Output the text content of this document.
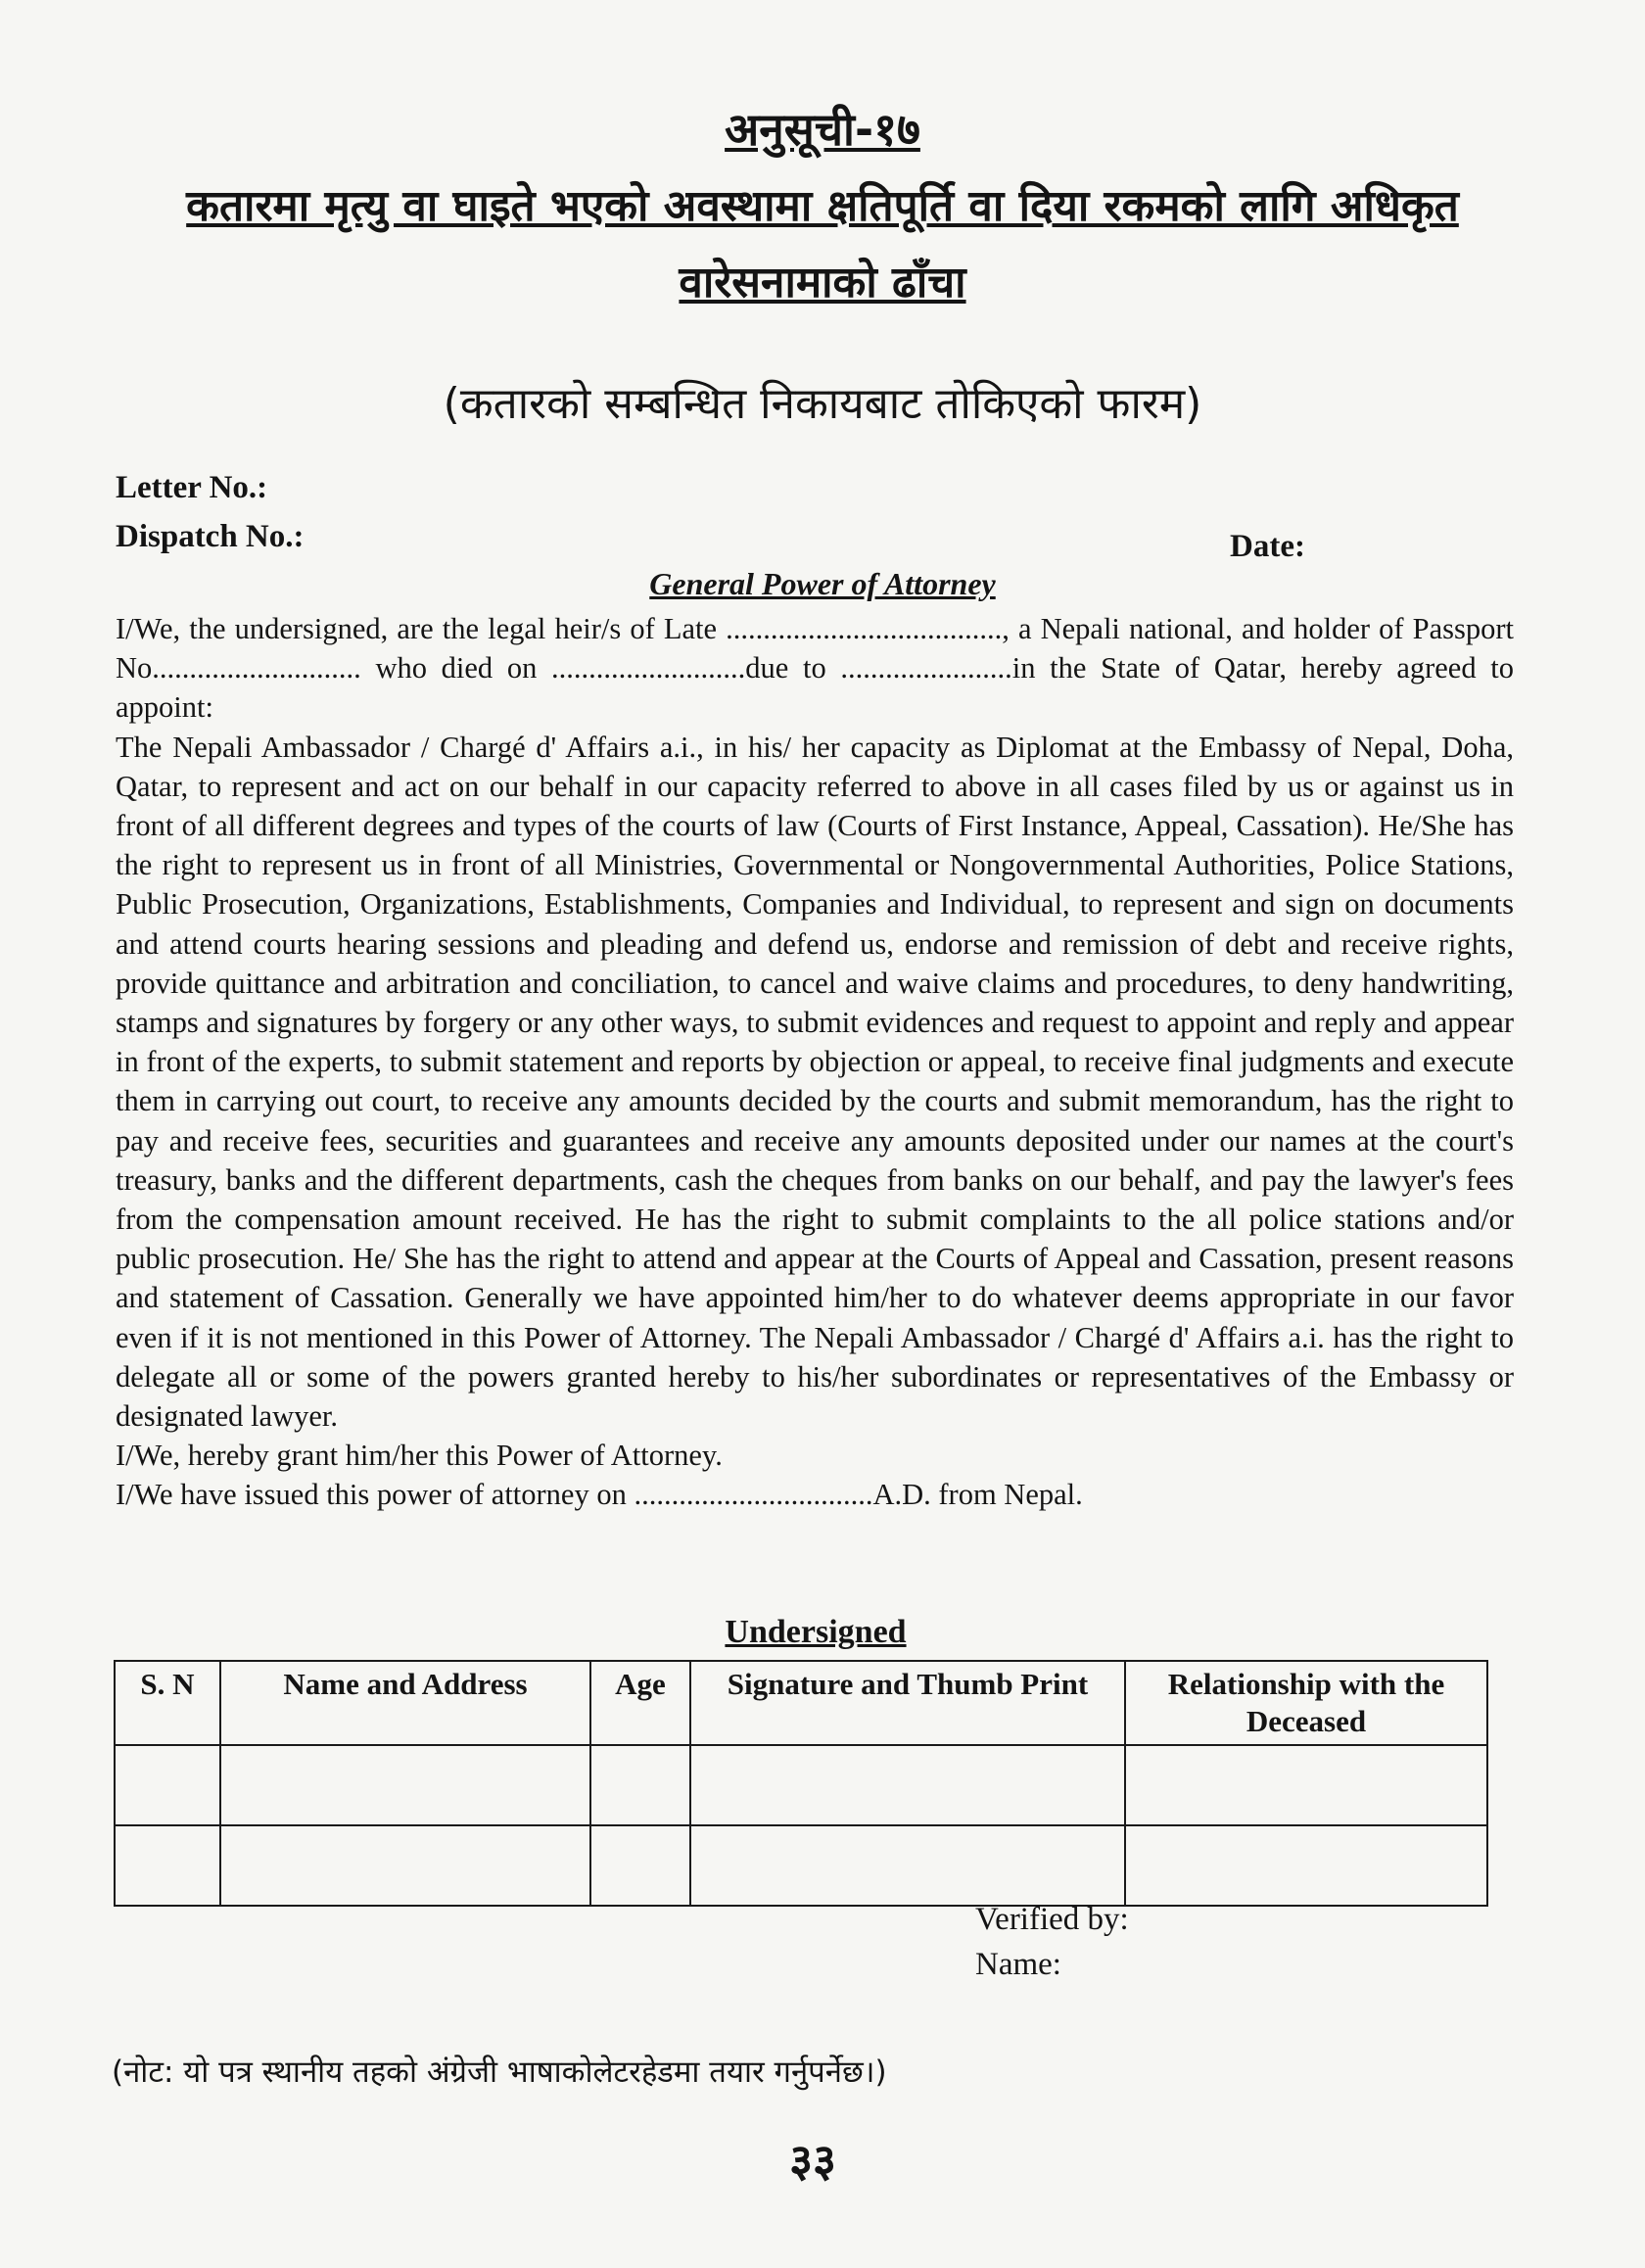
अनुसूची-१७
कतारमा मृत्यु वा घाइते भएको अवस्थामा क्षतिपूर्ति वा दिया रकमको लागि अधिकृत
वारेसनामाको ढाँचा
(कतारको सम्बन्धित निकायबाट तोकिएको फारम)
Letter No.:
Dispatch No.:	Date:
General Power of Attorney

I/We, the undersigned, are the legal heir/s of Late ....................................., a Nepali national, and holder of Passport No............................ who died on ..........................due to .......................in the State of Qatar, hereby agreed to appoint:

The Nepali Ambassador / Chargé d' Affairs a.i., in his/ her capacity as Diplomat at the Embassy of Nepal, Doha, Qatar, to represent and act on our behalf in our capacity referred to above in all cases filed by us or against us in front of all different degrees and types of the courts of law (Courts of First Instance, Appeal, Cassation). He/She has the right to represent us in front of all Ministries, Governmental or Nongovernmental Authorities, Police Stations, Public Prosecution, Organizations, Establishments, Companies and Individual, to represent and sign on documents and attend courts hearing sessions and pleading and defend us, endorse and remission of debt and receive rights, provide quittance and arbitration and conciliation, to cancel and waive claims and procedures, to deny handwriting, stamps and signatures by forgery or any other ways, to submit evidences and request to appoint and reply and appear in front of the experts, to submit statement and reports by objection or appeal, to receive final judgments and execute them in carrying out court, to receive any amounts decided by the courts and submit memorandum, has the right to pay and receive fees, securities and guarantees and receive any amounts deposited under our names at the court's treasury, banks and the different departments, cash the cheques from banks on our behalf, and pay the lawyer's fees from the compensation amount received. He has the right to submit complaints to the all police stations and/or public prosecution. He/ She has the right to attend and appear at the Courts of Appeal and Cassation, present reasons and statement of Cassation. Generally we have appointed him/her to do whatever deems appropriate in our favor even if it is not mentioned in this Power of Attorney. The Nepali Ambassador / Chargé d' Affairs a.i. has the right to delegate all or some of the powers granted hereby to his/her subordinates or representatives of the Embassy or designated lawyer.

I/We, hereby grant him/her this Power of Attorney.

I/We have issued this power of attorney on ................................A.D. from Nepal.

Undersigned
S. N	Name and Address	Age	Signature and Thumb Print	Relationship with the Deceased

Verified by:
Name:
(नोट: यो पत्र स्थानीय तहको अंग्रेजी भाषाकोलेटरहेडमा तयार गर्नुपर्नेछ।)
३३
